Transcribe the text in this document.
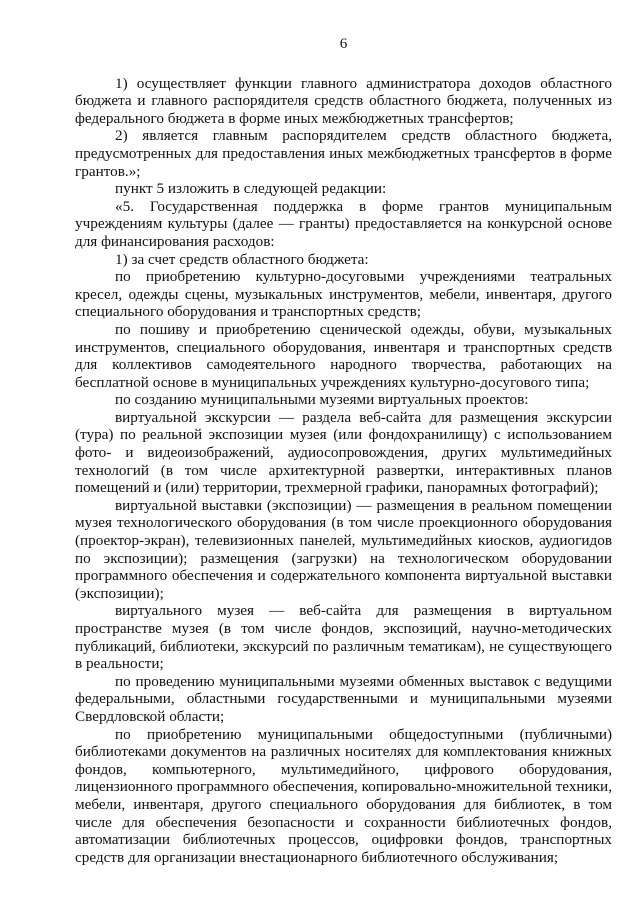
6

1) осуществляет функции главного администратора доходов областного бюджета и главного распорядителя средств областного бюджета, полученных из федерального бюджета в форме иных межбюджетных трансфертов;

2) является главным распорядителем средств областного бюджета, предусмотренных для предоставления иных межбюджетных трансфертов в форме грантов.»;

пункт 5 изложить в следующей редакции:

«5. Государственная поддержка в форме грантов муниципальным учреждениям культуры (далее — гранты) предоставляется на конкурсной основе для финансирования расходов:

1) за счет средств областного бюджета:

по приобретению культурно-досуговыми учреждениями театральных кресел, одежды сцены, музыкальных инструментов, мебели, инвентаря, другого специального оборудования и транспортных средств;

по пошиву и приобретению сценической одежды, обуви, музыкальных инструментов, специального оборудования, инвентаря и транспортных средств для коллективов самодеятельного народного творчества, работающих на бесплатной основе в муниципальных учреждениях культурно-досугового типа;

по созданию муниципальными музеями виртуальных проектов:

виртуальной экскурсии — раздела веб-сайта для размещения экскурсии (тура) по реальной экспозиции музея (или фондохранилищу) с использованием фото- и видеоизображений, аудиосопровождения, других мультимедийных технологий (в том числе архитектурной развертки, интерактивных планов помещений и (или) территории, трехмерной графики, панорамных фотографий);

виртуальной выставки (экспозиции) — размещения в реальном помещении музея технологического оборудования (в том числе проекционного оборудования (проектор-экран), телевизионных панелей, мультимедийных киосков, аудиогидов по экспозиции); размещения (загрузки) на технологическом оборудовании программного обеспечения и содержательного компонента виртуальной выставки (экспозиции);

виртуального музея — веб-сайта для размещения в виртуальном пространстве музея (в том числе фондов, экспозиций, научно-методических публикаций, библиотеки, экскурсий по различным тематикам), не существующего в реальности;

по проведению муниципальными музеями обменных выставок с ведущими федеральными, областными государственными и муниципальными музеями Свердловской области;

по приобретению муниципальными общедоступными (публичными) библиотеками документов на различных носителях для комплектования книжных фондов, компьютерного, мультимедийного, цифрового оборудования, лицензионного программного обеспечения, копировально-множительной техники, мебели, инвентаря, другого специального оборудования для библиотек, в том числе для обеспечения безопасности и сохранности библиотечных фондов, автоматизации библиотечных процессов, оцифровки фондов, транспортных средств для организации внестационарного библиотечного обслуживания;
